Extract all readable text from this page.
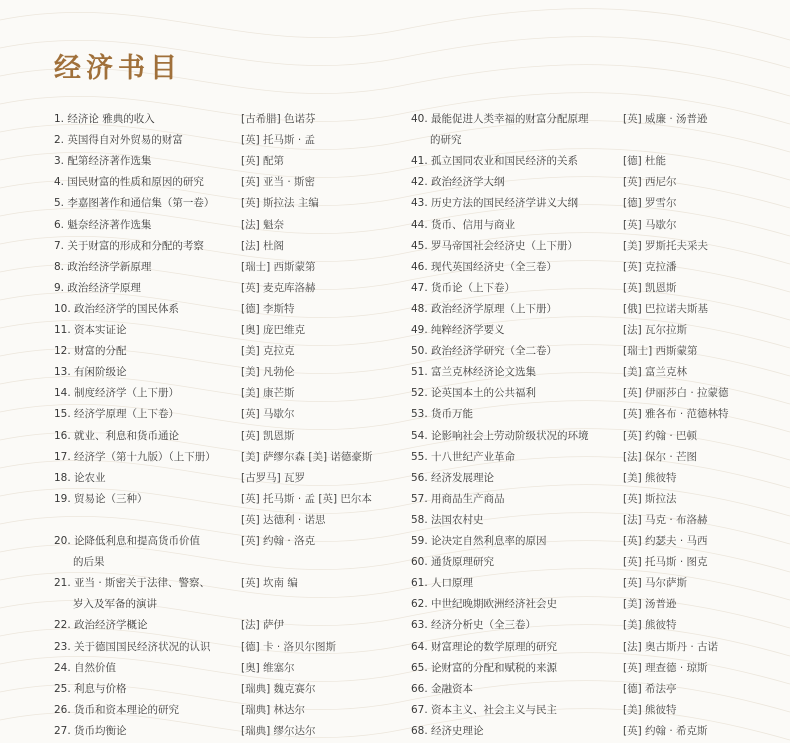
经济书目
1. 经济论 雅典的收入	[古希腊] 色诺芬
2. 英国得自对外贸易的财富	[英] 托马斯 · 孟
3. 配第经济著作选集	[英] 配第
4. 国民财富的性质和原因的研究	[英] 亚当 · 斯密
5. 李嘉图著作和通信集（第一卷）	[英] 斯拉法 主编
6. 魁奈经济著作选集	[法] 魁奈
7. 关于财富的形成和分配的考察	[法] 杜阁
8. 政治经济学新原理	[瑞士] 西斯蒙第
9. 政治经济学原理	[英] 麦克库洛赫
10. 政治经济学的国民体系	[德] 李斯特
11. 资本实证论	[奥] 庞巴维克
12. 财富的分配	[美] 克拉克
13. 有闲阶级论	[美] 凡勃伦
14. 制度经济学（上下册）	[美] 康芒斯
15. 经济学原理（上下卷）	[英] 马歇尔
16. 就业、利息和货币通论	[英] 凯恩斯
17. 经济学（第十九版）（上下册） [美] 萨缪尔森 [美] 诺德豪斯
18. 论农业	[古罗马] 瓦罗
19. 贸易论（三种）	[英] 托马斯 · 孟 [英] 巴尔本
[英] 达德利 · 诺思
20. 论降低利息和提高货币价值	[英] 约翰 · 洛克
的后果
21. 亚当 · 斯密关于法律、警察、	[英] 坎南 编
岁入及军备的演讲
22. 政治经济学概论	[法] 萨伊
23. 关于德国国民经济状况的认识	[德] 卡 · 洛贝尔图斯
24. 自然价值	[奥] 维塞尔
25. 利息与价格	[瑞典] 魏克赛尔
26. 货币和资本理论的研究	[瑞典] 林达尔
27. 货币均衡论	[瑞典] 缪尔达尔
40. 最能促进人类幸福的财富分配原理	[英] 威廉 · 汤普逊
的研究
41. 孤立国同农业和国民经济的关系	[德] 杜能
42. 政治经济学大纲	[英] 西尼尔
43. 历史方法的国民经济学讲义大纲	[德] 罗雪尔
44. 货币、信用与商业	[英] 马歇尔
45. 罗马帝国社会经济史（上下册）	[美] 罗斯托夫采夫
46. 现代英国经济史（全三卷）	[英] 克拉潘
47. 货币论（上下卷）	[英] 凯恩斯
48. 政治经济学原理（上下册）	[俄] 巴拉诺夫斯基
49. 纯粹经济学要义	[法] 瓦尔拉斯
50. 政治经济学研究（全二卷）	[瑞士] 西斯蒙第
51. 富兰克林经济论文选集	[美] 富兰克林
52. 论英国本土的公共福利	[英] 伊丽莎白 · 拉蒙德
53. 货币万能	[英] 雅各布 · 范德林特
54. 论影响社会上劳动阶级状况的环境	[英] 约翰 · 巴顿
55. 十八世纪产业革命	[法] 保尔 · 芒图
56. 经济发展理论	[美] 熊彼特
57. 用商品生产商品	[英] 斯拉法
58. 法国农村史	[法] 马克 · 布洛赫
59. 论决定自然利息率的原因	[英] 约瑟夫 · 马西
60. 通货原理研究	[英] 托马斯 · 图克
61. 人口原理	[英] 马尔萨斯
62. 中世纪晚期欧洲经济社会史	[美] 汤普逊
63. 经济分析史（全三卷）	[美] 熊彼特
64. 财富理论的数学原理的研究	[法] 奥古斯丹 · 古诺
65. 论财富的分配和赋税的来源	[英] 理查德 · 琼斯
66. 金融资本	[德] 希法亭
67. 资本主义、社会主义与民主	[美] 熊彼特
68. 经济史理论	[英] 约翰 · 希克斯
